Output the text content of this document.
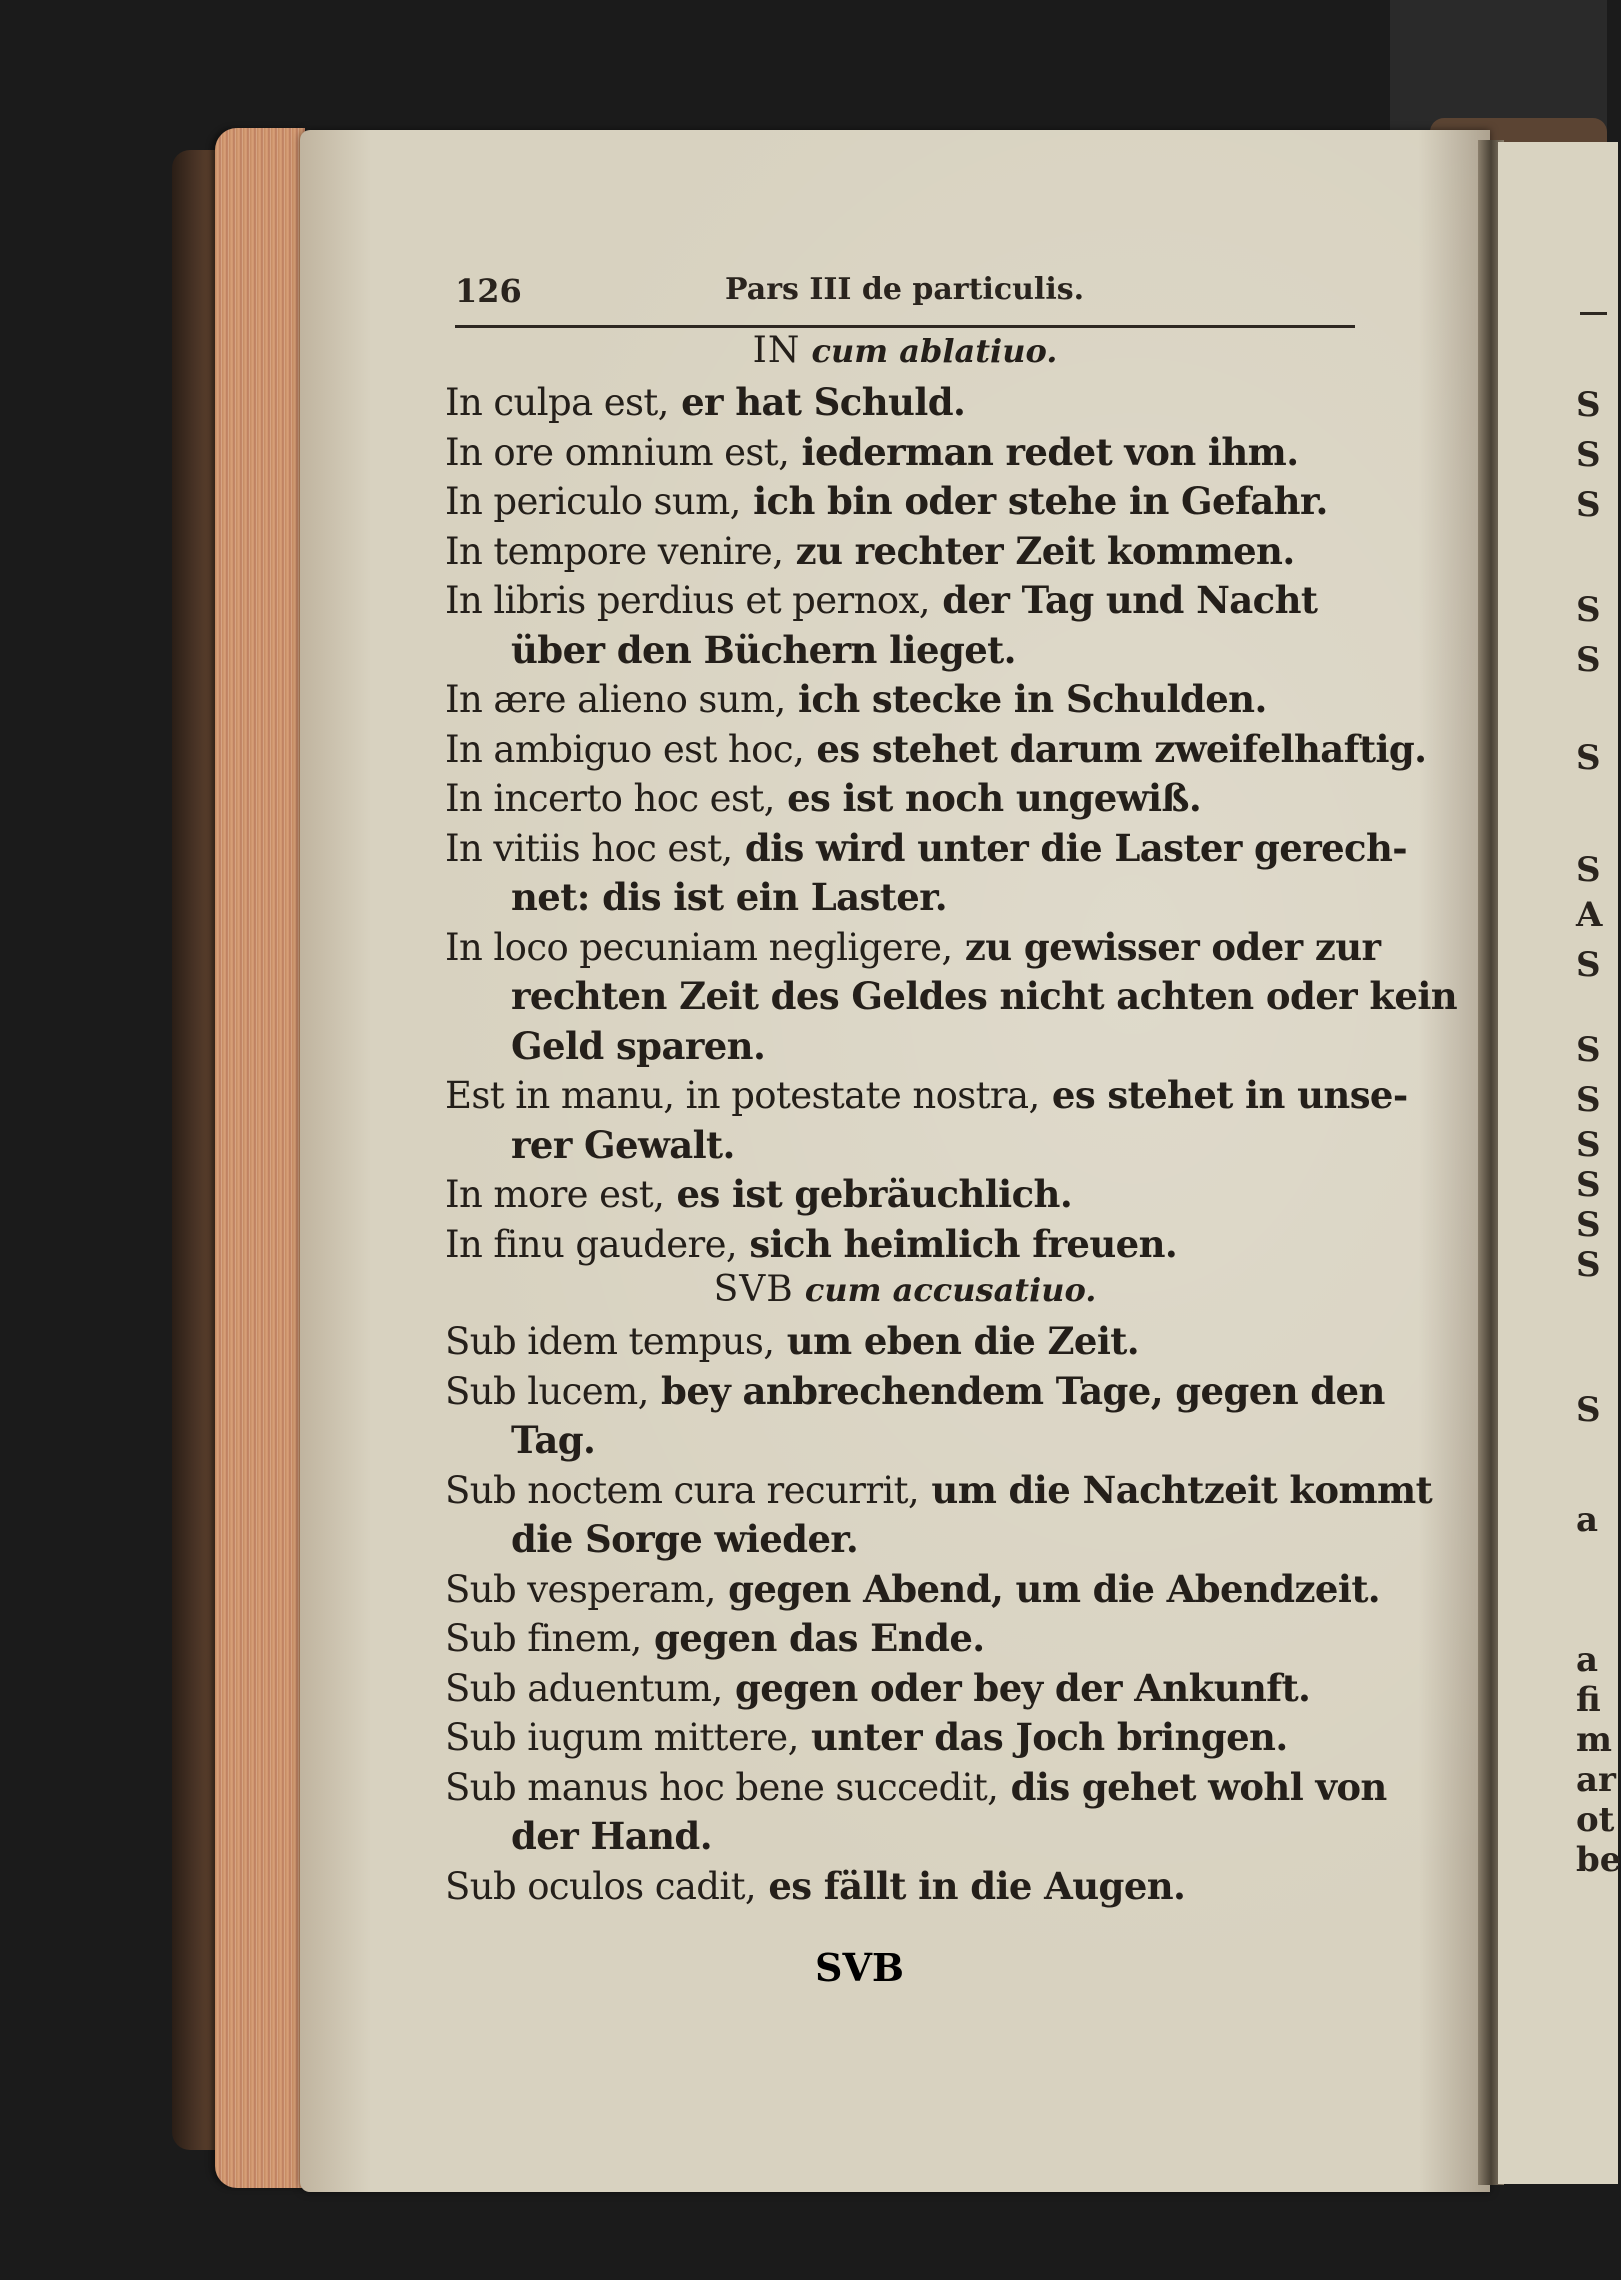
126	Pars III de particulis.
IN cum ablatiuo.
In culpa est, er hat Schuld.
In ore omnium est, iederman redet von ihm.
In periculo sum, ich bin oder stehe in Gefahr.
In tempore venire, zu rechter Zeit kommen.
In libris perdius et pernox, der Tag und Nacht
über den Büchern lieget.
In ære alieno sum, ich stecke in Schulden.
In ambiguo est hoc, es stehet darum zweifelhaftig.
In incerto hoc est, es ist noch ungewiß.
In vitiis hoc est, dis wird unter die Laster gerech-
net: dis ist ein Laster.
In loco pecuniam negligere, zu gewisser oder zur
rechten Zeit des Geldes nicht achten oder kein
Geld sparen.
Est in manu, in potestate nostra, es stehet in unse-
rer Gewalt.
In more est, es ist gebräuchlich.
In finu gaudere, sich heimlich freuen.
SVB cum accusatiuo.
Sub idem tempus, um eben die Zeit.
Sub lucem, bey anbrechendem Tage, gegen den
Tag.
Sub noctem cura recurrit, um die Nachtzeit kommt
die Sorge wieder.
Sub vesperam, gegen Abend, um die Abendzeit.
Sub finem, gegen das Ende.
Sub aduentum, gegen oder bey der Ankunft.
Sub iugum mittere, unter das Joch bringen.
Sub manus hoc bene succedit, dis gehet wohl von
der Hand.
Sub oculos cadit, es fällt in die Augen.
SVB
S
S
S
S
S
S
S
A
S
S
S
S
S
S
S
S
a
a
fi
m
ar
ot
be
